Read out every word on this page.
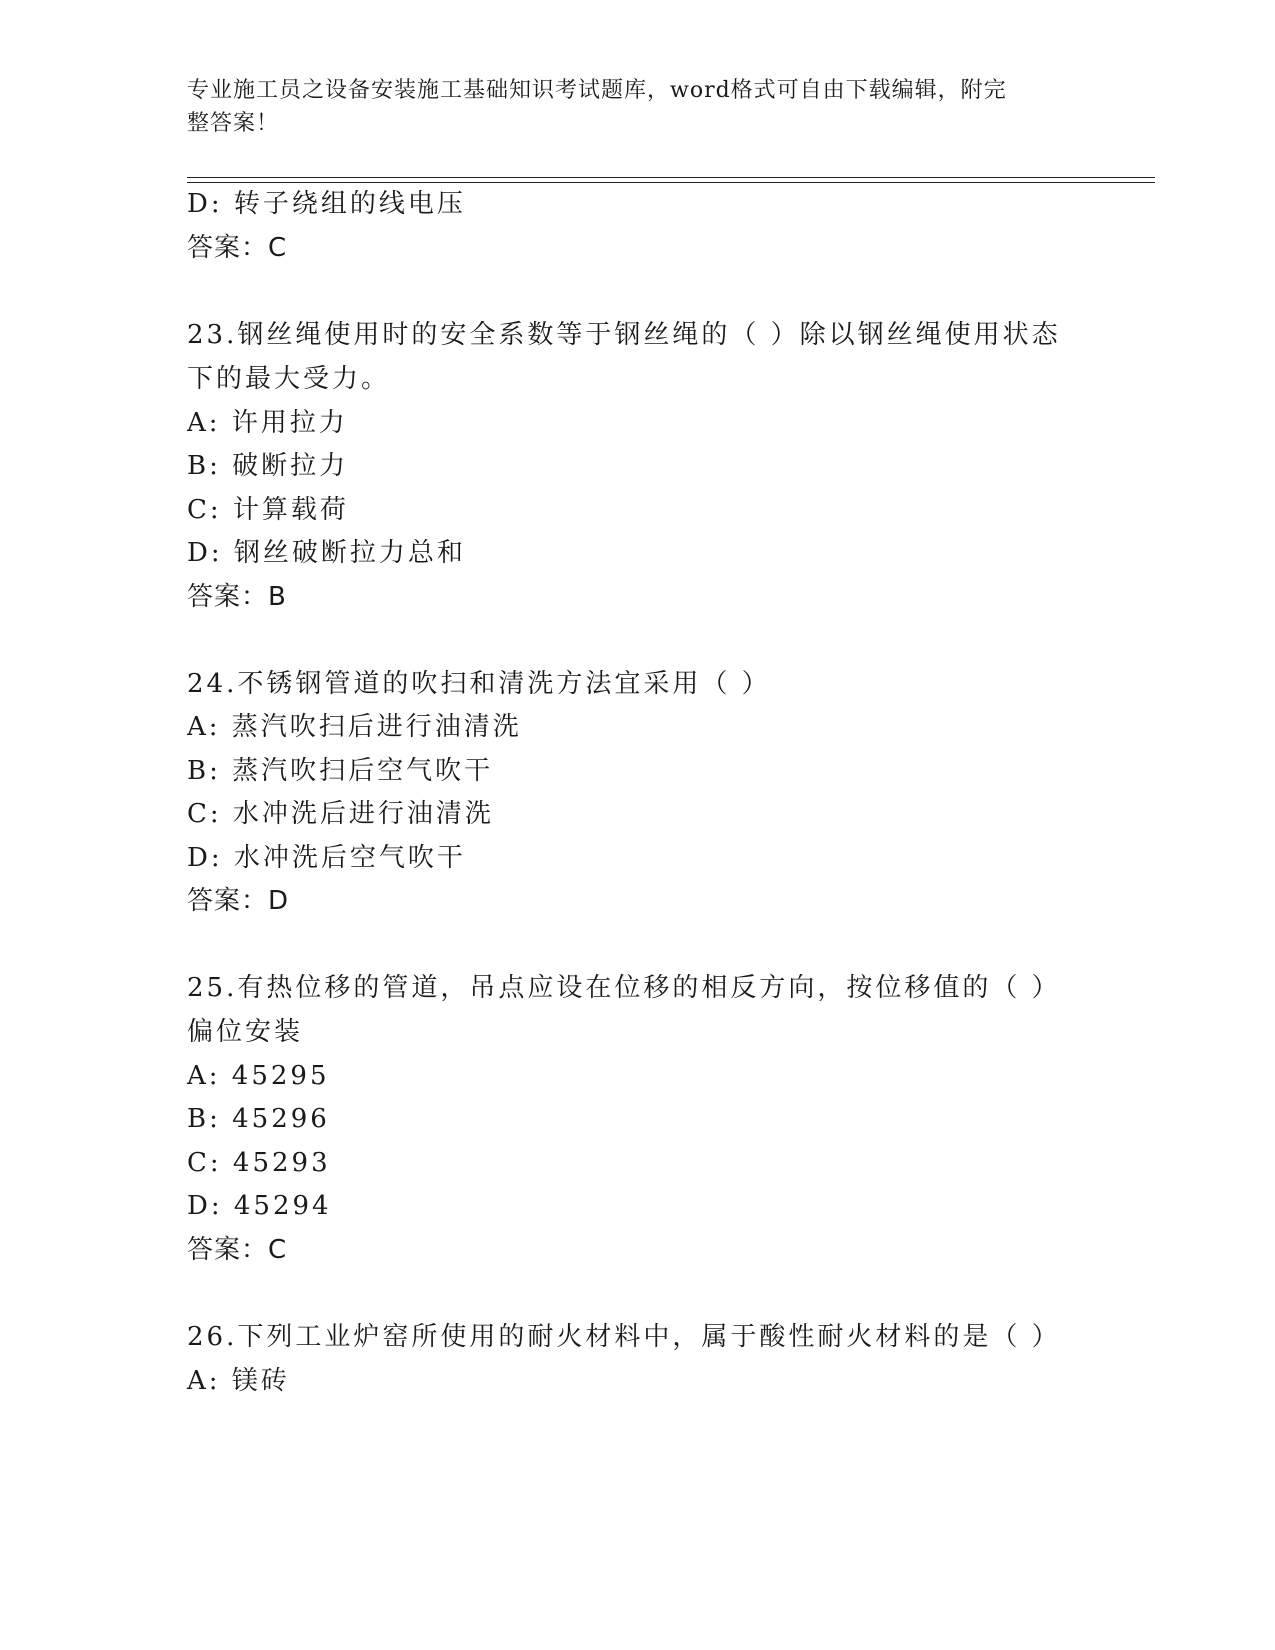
专业施工员之设备安装施工基础知识考试题库，word格式可自由下载编辑，附完
整答案！
D: 转子绕组的线电压
答案：C
23.钢丝绳使用时的安全系数等于钢丝绳的（ ）除以钢丝绳使用状态
下的最大受力。
A: 许用拉力
B: 破断拉力
C: 计算载荷
D: 钢丝破断拉力总和
答案：B
24.不锈钢管道的吹扫和清洗方法宜采用（ ）
A: 蒸汽吹扫后进行油清洗
B: 蒸汽吹扫后空气吹干
C: 水冲洗后进行油清洗
D: 水冲洗后空气吹干
答案：D
25.有热位移的管道，吊点应设在位移的相反方向，按位移值的（ ）
偏位安装
A: 45295
B: 45296
C: 45293
D: 45294
答案：C
26.下列工业炉窑所使用的耐火材料中，属于酸性耐火材料的是（ ）
A: 镁砖
